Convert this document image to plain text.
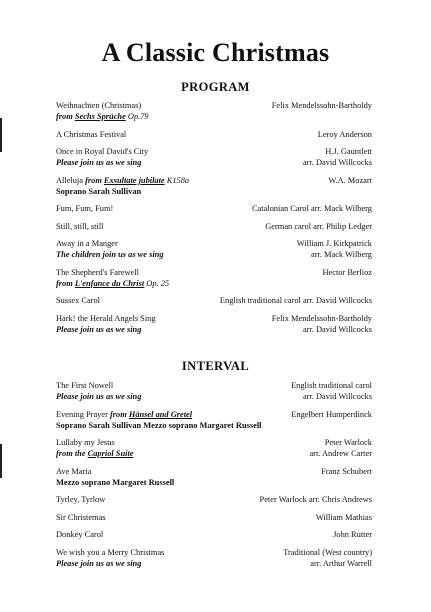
A Classic Christmas
PROGRAM
Weihnachten (Christmas)	Felix Mendelssohn-Bartholdy
from Sechs Sprüche Op.79
A Christmas Festival	Leroy Anderson
Once in Royal David's City	H.J. Gauntlett
Please join us as we sing	arr. David Willcocks
Alleluja from Exsultate jubilate K158a	W.A. Mozart
Soprano Sarah Sullivan
Fum, Fum, Fum!	Catalonian Carol arr. Mack Wilberg
Still, still, still	German carol arr. Philip Ledger
Away in a Manger	William J. Kirkpatrick
The children join us as we sing	arr. Mack Wilberg
The Shepherd's Farewell	Hector Berlioz
from L'enfance du Christ Op. 25
Sussex Carol	English traditional carol arr. David Willcocks
Hark! the Herald Angels Sing	Felix Mendelssohn-Bartholdy
Please join us as we sing	arr. David Willcocks
INTERVAL
The First Nowell	English traditional carol
Please join us as we sing	arr. David Willcocks
Evening Prayer from Hänsel and Gretel	Engelbert Humperdinck
Soprano Sarah Sullivan Mezzo soprano Margaret Russell
Lullaby my Jesus	Peter Warlock
from the Capriol Suite	arr. Andrew Carter
Ave Maria	Franz Schubert
Mezzo soprano Margaret Russell
Tyrley, Tyrlow	Peter Warlock arr. Chris Andrews
Sir Christemas	William Mathias
Donkey Carol	John Rutter
We wish you a Merry Christmas	Traditional (West country)
Please join us as we sing	arr. Arthur Warrell
